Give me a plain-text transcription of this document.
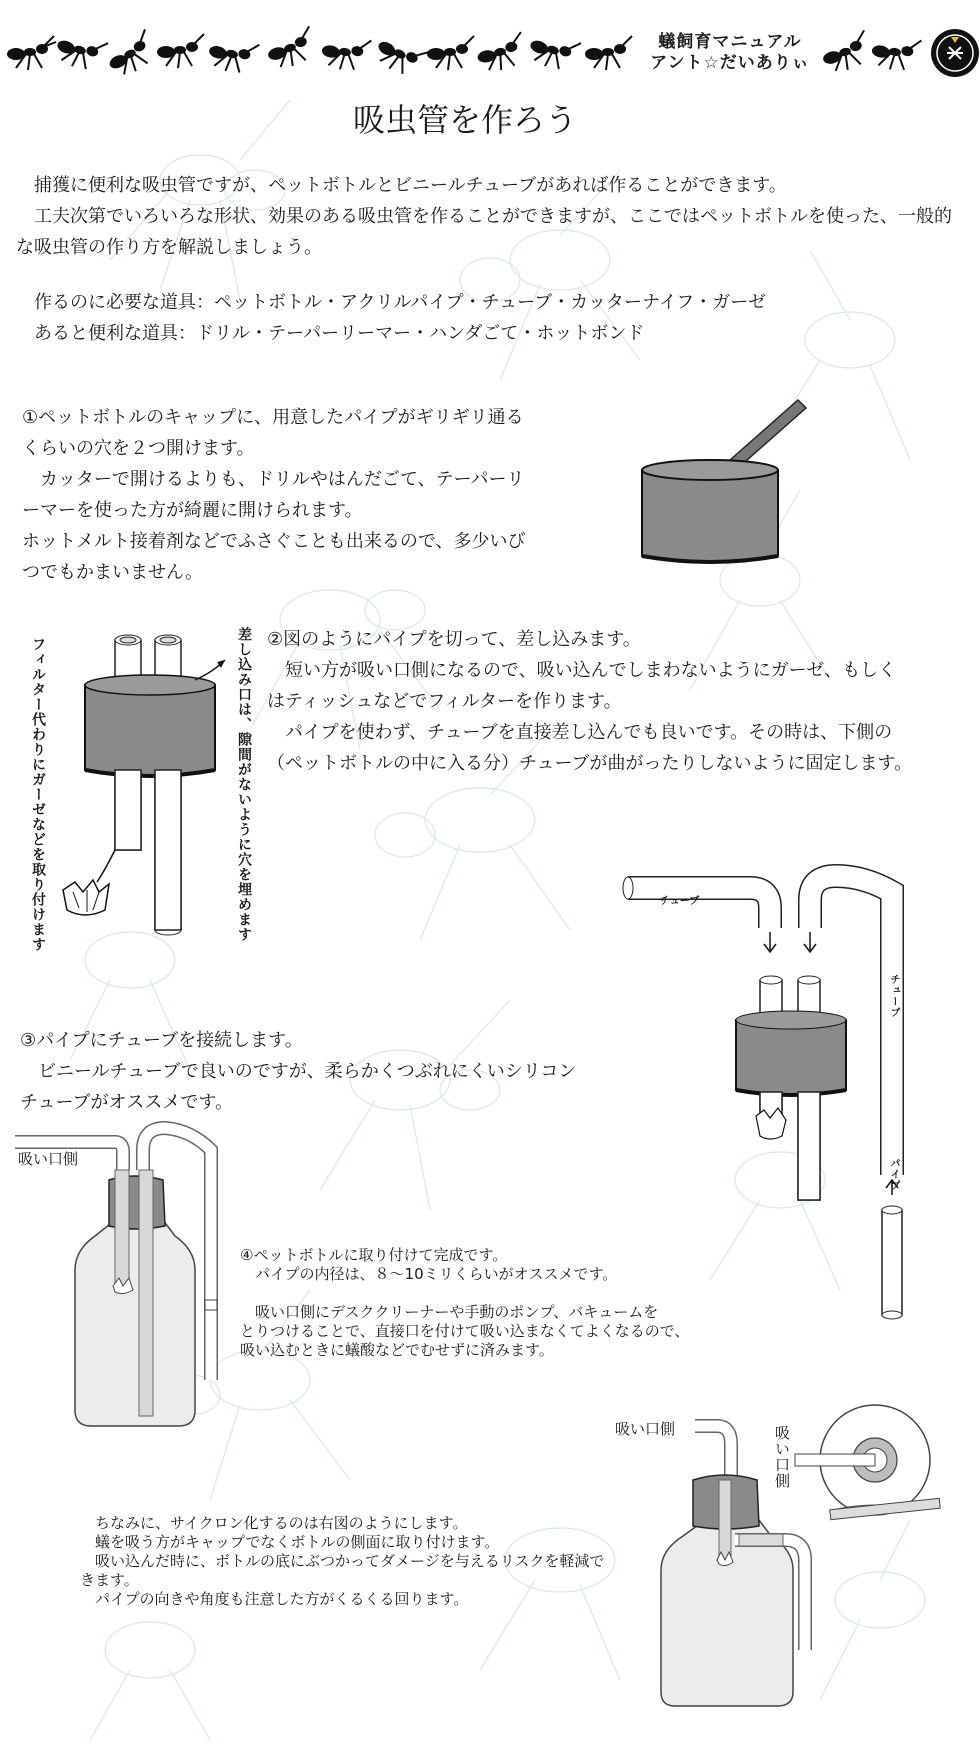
蟻飼育マニュアル
アント☆だいありぃ
吸虫管を作ろう

　捕獲に便利な吸虫管ですが、ペットボトルとビニールチューブがあれば作ることができます。

　工夫次第でいろいろな形状、効果のある吸虫管を作ることができますが、ここではペットボトルを使った、一般的な吸虫管の作り方を解説しましょう。

　作るのに必要な道具：ペットボトル・アクリルパイプ・チューブ・カッターナイフ・ガーゼ

　あると便利な道具：ドリル・テーパーリーマー・ハンダごて・ホットボンド

①ペットボトルのキャップに、用意したパイプがギリギリ通る

くらいの穴を２つ開けます。

　カッターで開けるよりも、ドリルやはんだごて、テーパーリ

ーマーを使った方が綺麗に開けられます。

ホットメルト接着剤などでふさぐことも出来るので、多少いび

つでもかまいません。

フィルター代わりにガーゼなどを取り付けます	差し込み口は、隙間がないように穴を埋めます ②図のようにパイプを切って、差し込みます。

　短い方が吸い口側になるので、吸い込んでしまわないようにガーゼ、もしく

はティッシュなどでフィルターを作ります。

　パイプを使わず、チューブを直接差し込んでも良いです。その時は、下側の

（ペットボトルの中に入る分）チューブが曲がったりしないように固定します。

チューブ
チューブ
パイプ

③パイプにチューブを接続します。

　ビニールチューブで良いのですが、柔らかくつぶれにくいシリコン

チューブがオススメです。

吸い口側

④ペットボトルに取り付けて完成です。

　パイプの内径は、８～10ミリくらいがオススメです。

　吸い口側にデスククリーナーや手動のポンプ、バキュームを

とりつけることで、直接口を付けて吸い込まなくてよくなるので、

吸い込むときに蟻酸などでむせずに済みます。

吸い口側	吸い口側

　ちなみに、サイクロン化するのは右図のようにします。

　蟻を吸う方がキャップでなくボトルの側面に取り付けます。

　吸い込んだ時に、ボトルの底にぶつかってダメージを与えるリスクを軽減で

きます。

　パイプの向きや角度も注意した方がくるくる回ります。
